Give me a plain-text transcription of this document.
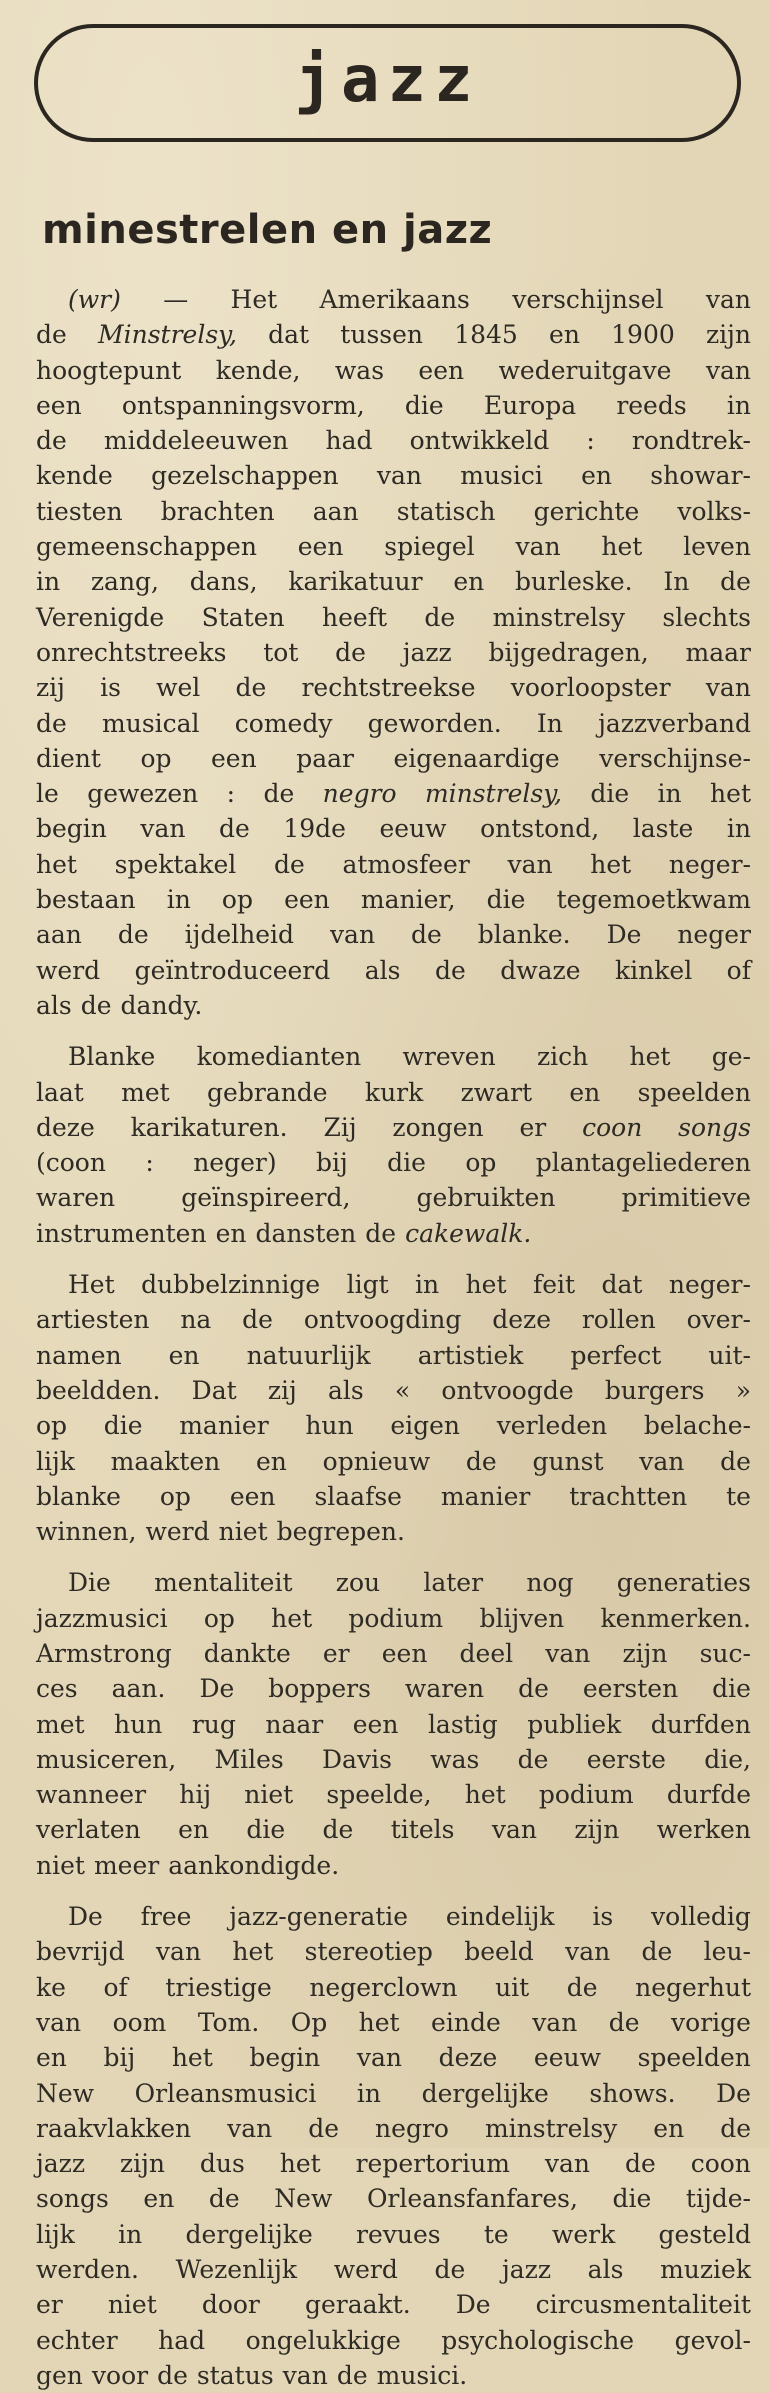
jazz
minestrelen en jazz
(wr) — Het Amerikaans verschijnsel van
de Minstrelsy, dat tussen 1845 en 1900 zijn
hoogtepunt kende, was een wederuitgave van
een ontspanningsvorm, die Europa reeds in
de middeleeuwen had ontwikkeld : rondtrek-
kende gezelschappen van musici en showar-
tiesten brachten aan statisch gerichte volks-
gemeenschappen een spiegel van het leven
in zang, dans, karikatuur en burleske. In de
Verenigde Staten heeft de minstrelsy slechts
onrechtstreeks tot de jazz bijgedragen, maar
zij is wel de rechtstreekse voorloopster van
de musical comedy geworden. In jazzverband
dient op een paar eigenaardige verschijnse-
le gewezen : de negro minstrelsy, die in het
begin van de 19de eeuw ontstond, laste in
het spektakel de atmosfeer van het neger-
bestaan in op een manier, die tegemoetkwam
aan de ijdelheid van de blanke. De neger
werd geïntroduceerd als de dwaze kinkel of
als de dandy.
Blanke komedianten wreven zich het ge-
laat met gebrande kurk zwart en speelden
deze karikaturen. Zij zongen er coon songs
(coon : neger) bij die op plantageliederen
waren	geïnspireerd,	gebruikten	primitieve
instrumenten en dansten de cakewalk.
Het dubbelzinnige ligt in het feit dat neger-
artiesten na de ontvoogding deze rollen over-
namen en natuurlijk artistiek perfect uit-
beeldden. Dat zij als « ontvoogde burgers »
op die manier hun eigen verleden belache-
lijk maakten en opnieuw de gunst van de
blanke op een slaafse manier trachtten te
winnen, werd niet begrepen.
Die mentaliteit zou later nog generaties
jazzmusici op het podium blijven kenmerken.
Armstrong dankte er een deel van zijn suc-
ces aan. De boppers waren de eersten die
met hun rug naar een lastig publiek durfden
musiceren, Miles Davis was de eerste die,
wanneer hij niet speelde, het podium durfde
verlaten en die de titels van zijn werken
niet meer aankondigde.
De free jazz-generatie eindelijk is volledig
bevrijd van het stereotiep beeld van de leu-
ke of triestige negerclown uit de negerhut
van oom Tom. Op het einde van de vorige
en bij het begin van deze eeuw speelden
New Orleansmusici in dergelijke shows. De
raakvlakken van de negro minstrelsy en de
jazz zijn dus het repertorium van de coon
songs en de New Orleansfanfares, die tijde-
lijk in dergelijke revues te werk gesteld
werden. Wezenlijk werd de jazz als muziek
er niet door geraakt. De circusmentaliteit
echter had ongelukkige psychologische gevol-
gen voor de status van de musici.
